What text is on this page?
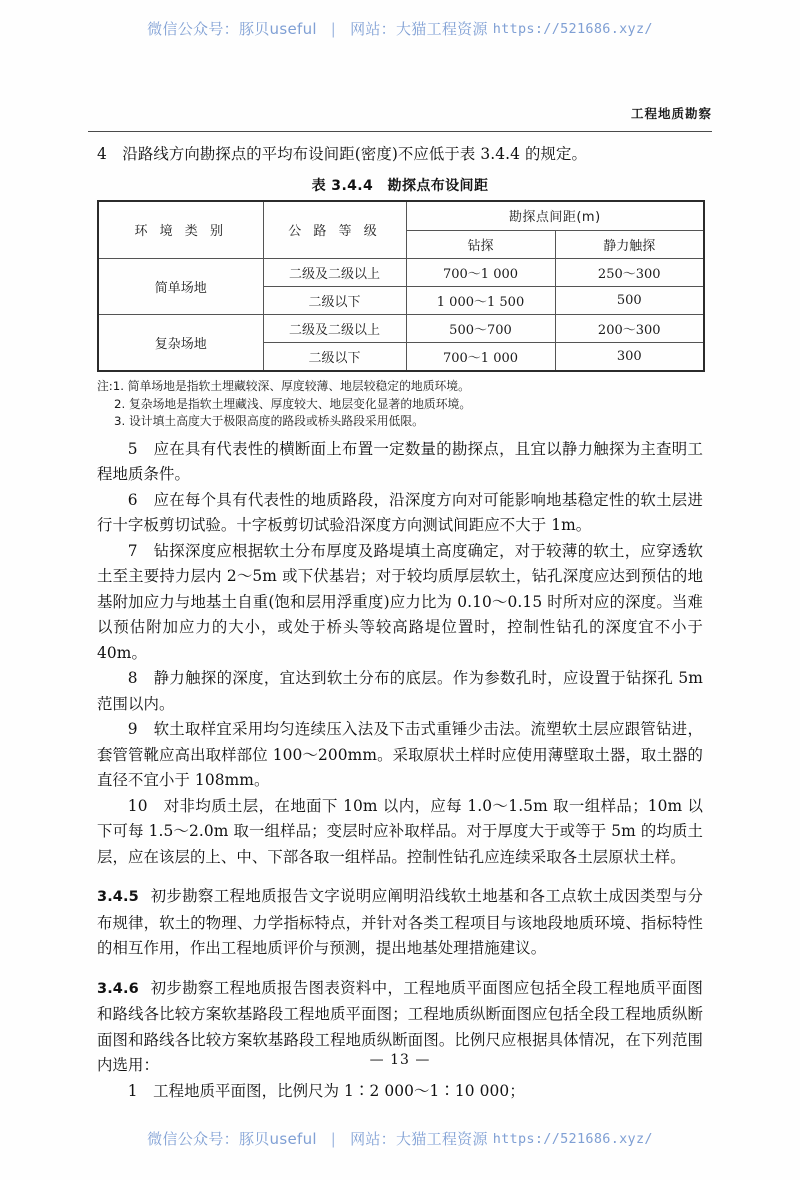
微信公众号：豚贝useful | 网站：大猫工程资源 https://521686.xyz/
工程地质勘察

4　沿路线方向勘探点的平均布设间距(密度)不应低于表 3.4.4 的规定。

表 3.4.4　勘探点布设间距
环 境 类 别	公 路 等 级	勘探点间距(m)	
		钻探	静力触探
简单场地	二级及二级以上	700～1 000	250～300
	二级以下	1 000～1 500	500
复杂场地	二级及二级以上	500～700	200～300
	二级以下	700～1 000	300
注:1. 简单场地是指软土埋藏较深、厚度较薄、地层较稳定的地质环境。
2. 复杂场地是指软土埋藏浅、厚度较大、地层变化显著的地质环境。
3. 设计填土高度大于极限高度的路段或桥头路段采用低限。

5　应在具有代表性的横断面上布置一定数量的勘探点，且宜以静力触探为主查明工程地质条件。

6　应在每个具有代表性的地质路段，沿深度方向对可能影响地基稳定性的软土层进行十字板剪切试验。十字板剪切试验沿深度方向测试间距应不大于 1m。

7　钻探深度应根据软土分布厚度及路堤填土高度确定，对于较薄的软土，应穿透软土至主要持力层内 2～5m 或下伏基岩；对于较均质厚层软土，钻孔深度应达到预估的地基附加应力与地基土自重(饱和层用浮重度)应力比为 0.10～0.15 时所对应的深度。当难以预估附加应力的大小，或处于桥头等较高路堤位置时，控制性钻孔的深度宜不小于 40m。

8　静力触探的深度，宜达到软土分布的底层。作为参数孔时，应设置于钻探孔 5m 范围以内。

9　软土取样宜采用均匀连续压入法及下击式重锤少击法。流塑软土层应跟管钻进，套管管靴应高出取样部位 100～200mm。采取原状土样时应使用薄壁取土器，取土器的直径不宜小于 108mm。

10　对非均质土层，在地面下 10m 以内，应每 1.0～1.5m 取一组样品；10m 以下可每 1.5～2.0m 取一组样品；变层时应补取样品。对于厚度大于或等于 5m 的均质土层，应在该层的上、中、下部各取一组样品。控制性钻孔应连续采取各土层原状土样。

3.4.5 初步勘察工程地质报告文字说明应阐明沿线软土地基和各工点软土成因类型与分布规律，软土的物理、力学指标特点，并针对各类工程项目与该地段地质环境、指标特性的相互作用，作出工程地质评价与预测，提出地基处理措施建议。

3.4.6 初步勘察工程地质报告图表资料中，工程地质平面图应包括全段工程地质平面图和路线各比较方案软基路段工程地质平面图；工程地质纵断面图应包括全段工程地质纵断面图和路线各比较方案软基路段工程地质纵断面图。比例尺应根据具体情况，在下列范围内选用：

1　工程地质平面图，比例尺为 1∶2 000～1∶10 000；

— 13 —
微信公众号：豚贝useful | 网站：大猫工程资源 https://521686.xyz/
